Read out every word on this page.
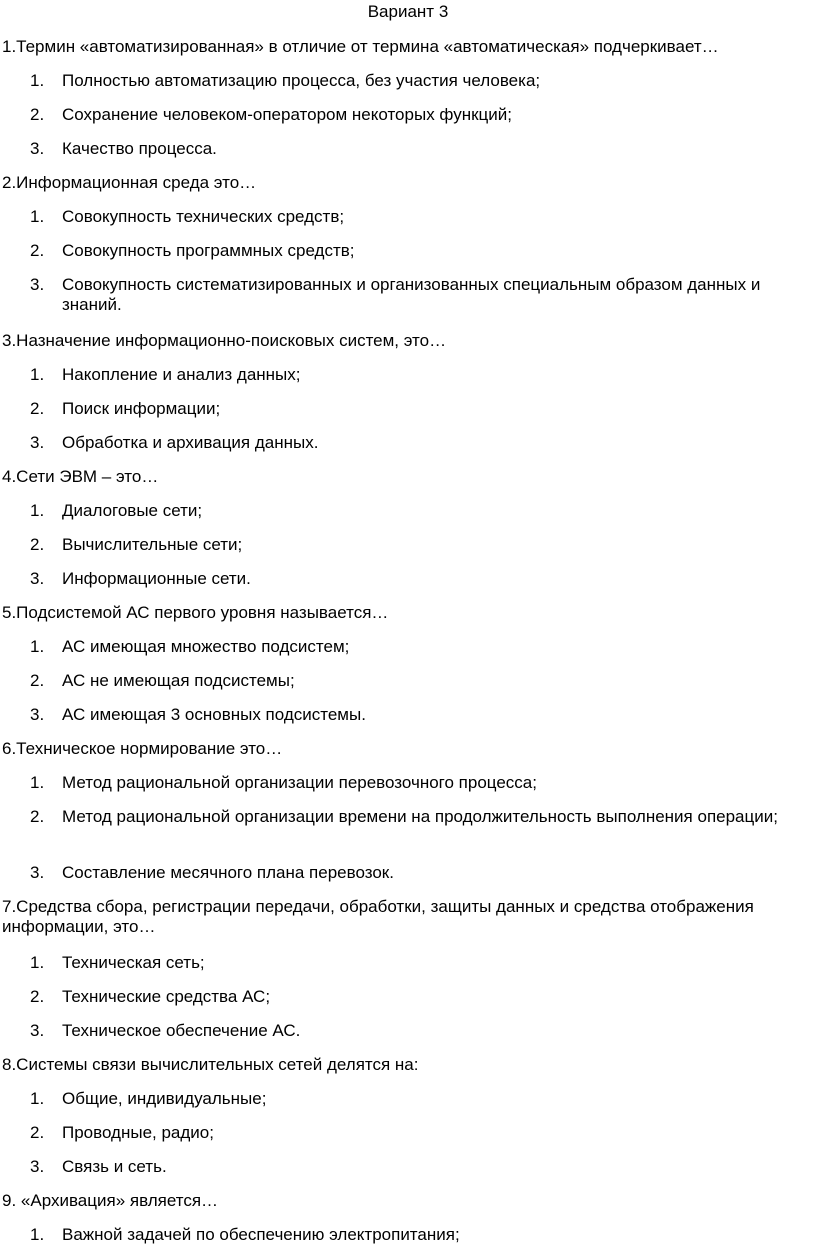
Вариант 3

1.Термин «автоматизированная» в отличие от термина «автоматическая» подчеркивает…

1.	Полностью автоматизацию процесса, без участия человека;
2.	Сохранение человеком-оператором некоторых функций;
3.	Качество процесса.

2.Информационная среда это…

1.	Совокупность технических средств;
2.	Совокупность программных средств;
3.	Совокупность систематизированных и организованных специальным образом данных и знаний.

3.Назначение информационно-поисковых систем, это…

1.	Накопление и анализ данных;
2.	Поиск информации;
3.	Обработка и архивация данных.

4.Сети ЭВМ – это…

1.	Диалоговые сети;
2.	Вычислительные сети;
3.	Информационные сети.

5.Подсистемой АС первого уровня называется…

1.	АС имеющая множество подсистем;
2.	АС не имеющая подсистемы;
3.	АС имеющая 3 основных подсистемы.

6.Техническое нормирование это…

1.	Метод рациональной организации перевозочного процесса;
2.	Метод рациональной организации времени на продолжительность выполнения операции;
3.	Составление месячного плана перевозок.

7.Средства сбора, регистрации передачи, обработки, защиты данных и средства отображения информации, это…

1.	Техническая сеть;
2.	Технические средства АС;
3.	Техническое обеспечение АС.

8.Системы связи вычислительных сетей делятся на:

1.	Общие, индивидуальные;
2.	Проводные, радио;
3.	Связь и сеть.

9. «Архивация» является…

1.	Важной задачей по обеспечению электропитания;
